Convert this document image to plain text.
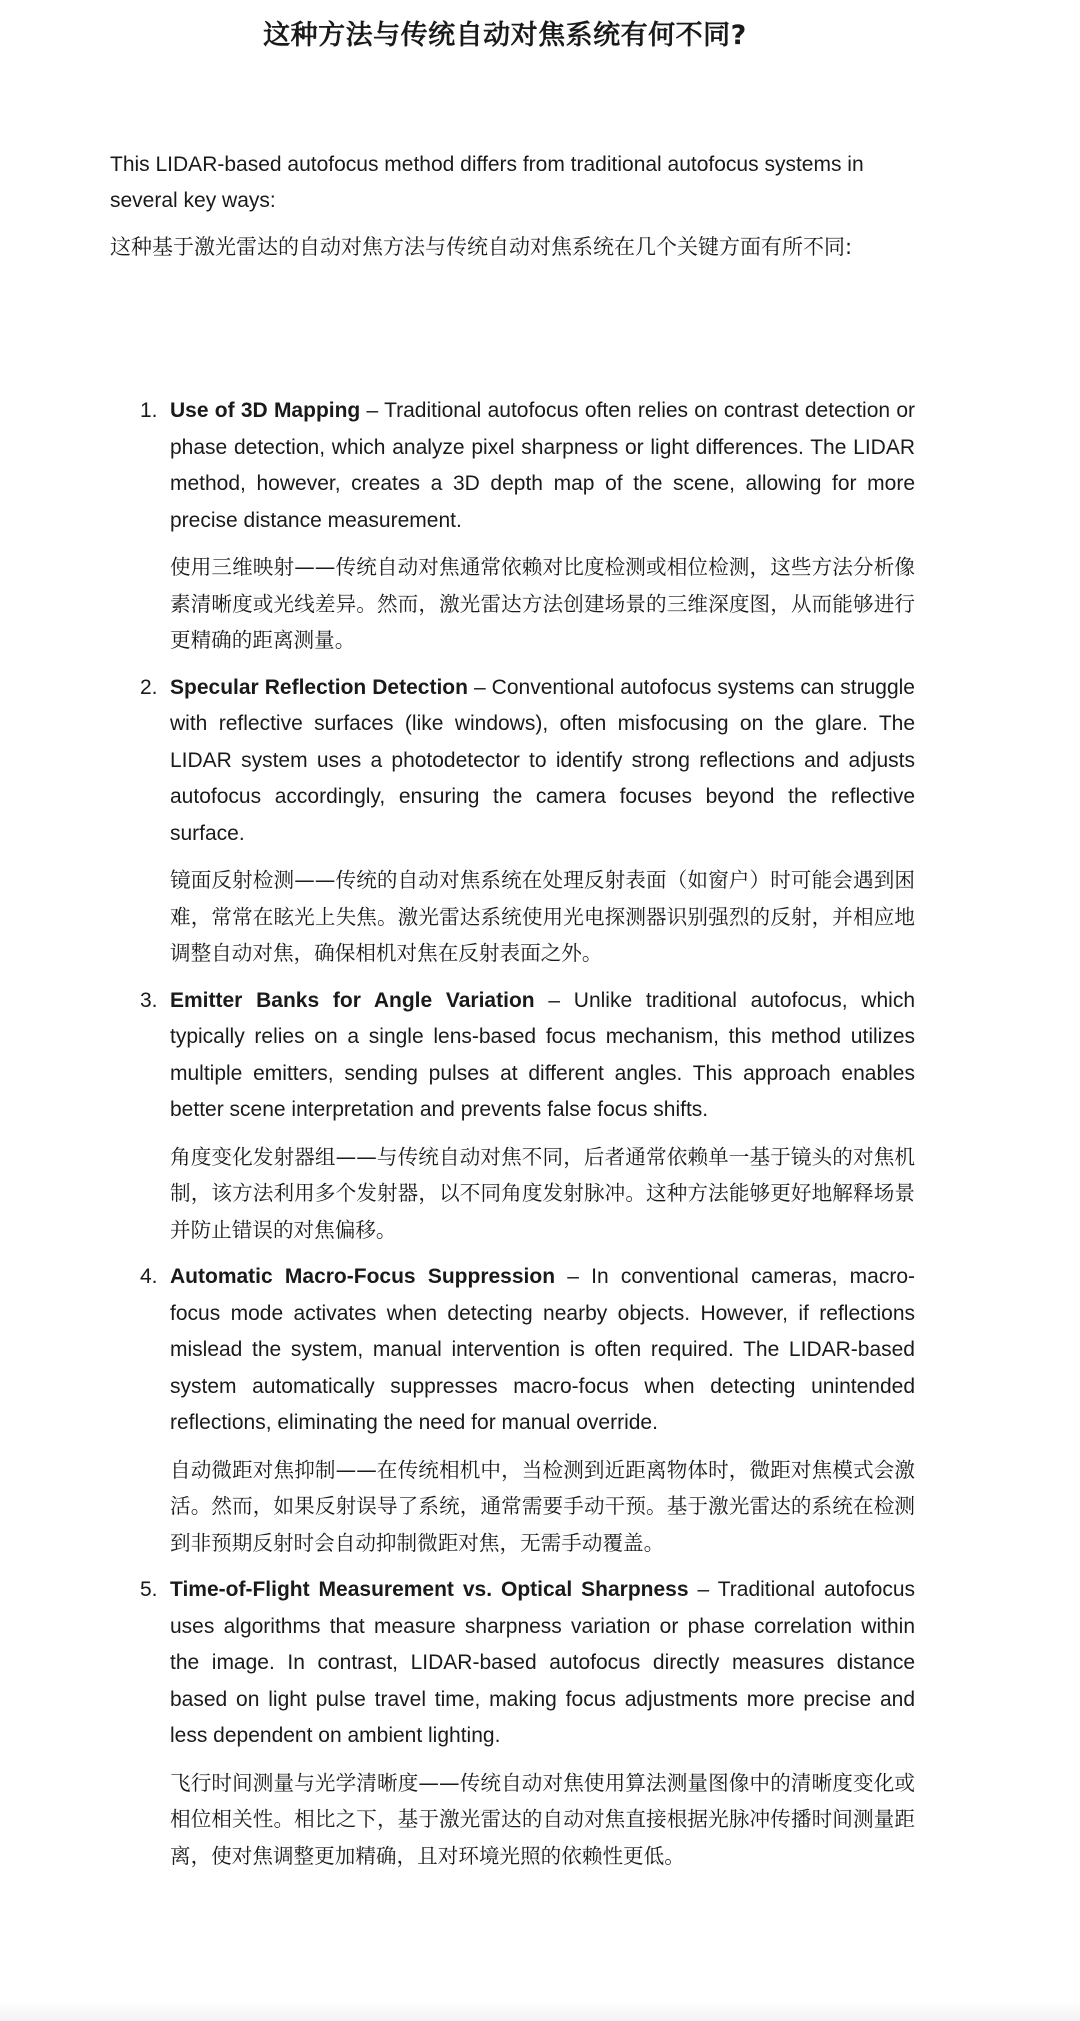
这种方法与传统自动对焦系统有何不同?
This LIDAR-based autofocus method differs from traditional autofocus systems in several key ways:
这种基于激光雷达的自动对焦方法与传统自动对焦系统在几个关键方面有所不同:
1. Use of 3D Mapping – Traditional autofocus often relies on contrast detection or phase detection, which analyze pixel sharpness or light differences. The LIDAR method, however, creates a 3D depth map of the scene, allowing for more precise distance measurement.

使用三维映射——传统自动对焦通常依赖对比度检测或相位检测，这些方法分析像素清晰度或光线差异。然而，激光雷达方法创建场景的三维深度图，从而能够进行更精确的距离测量。

2. Specular Reflection Detection – Conventional autofocus systems can struggle with reflective surfaces (like windows), often misfocusing on the glare. The LIDAR system uses a photodetector to identify strong reflections and adjusts autofocus accordingly, ensuring the camera focuses beyond the reflective surface.

镜面反射检测——传统的自动对焦系统在处理反射表面（如窗户）时可能会遇到困难，常常在眩光上失焦。激光雷达系统使用光电探测器识别强烈的反射，并相应地调整自动对焦，确保相机对焦在反射表面之外。

3. Emitter Banks for Angle Variation – Unlike traditional autofocus, which typically relies on a single lens-based focus mechanism, this method utilizes multiple emitters, sending pulses at different angles. This approach enables better scene interpretation and prevents false focus shifts.

角度变化发射器组——与传统自动对焦不同，后者通常依赖单一基于镜头的对焦机制，该方法利用多个发射器，以不同角度发射脉冲。这种方法能够更好地解释场景并防止错误的对焦偏移。

4. Automatic Macro-Focus Suppression – In conventional cameras, macro-focus mode activates when detecting nearby objects. However, if reflections mislead the system, manual intervention is often required. The LIDAR-based system automatically suppresses macro-focus when detecting unintended reflections, eliminating the need for manual override.

自动微距对焦抑制——在传统相机中，当检测到近距离物体时，微距对焦模式会激活。然而，如果反射误导了系统，通常需要手动干预。基于激光雷达的系统在检测到非预期反射时会自动抑制微距对焦，无需手动覆盖。

5. Time-of-Flight Measurement vs. Optical Sharpness – Traditional autofocus uses algorithms that measure sharpness variation or phase correlation within the image. In contrast, LIDAR-based autofocus directly measures distance based on light pulse travel time, making focus adjustments more precise and less dependent on ambient lighting.

飞行时间测量与光学清晰度——传统自动对焦使用算法测量图像中的清晰度变化或相位相关性。相比之下，基于激光雷达的自动对焦直接根据光脉冲传播时间测量距离，使对焦调整更加精确，且对环境光照的依赖性更低。
